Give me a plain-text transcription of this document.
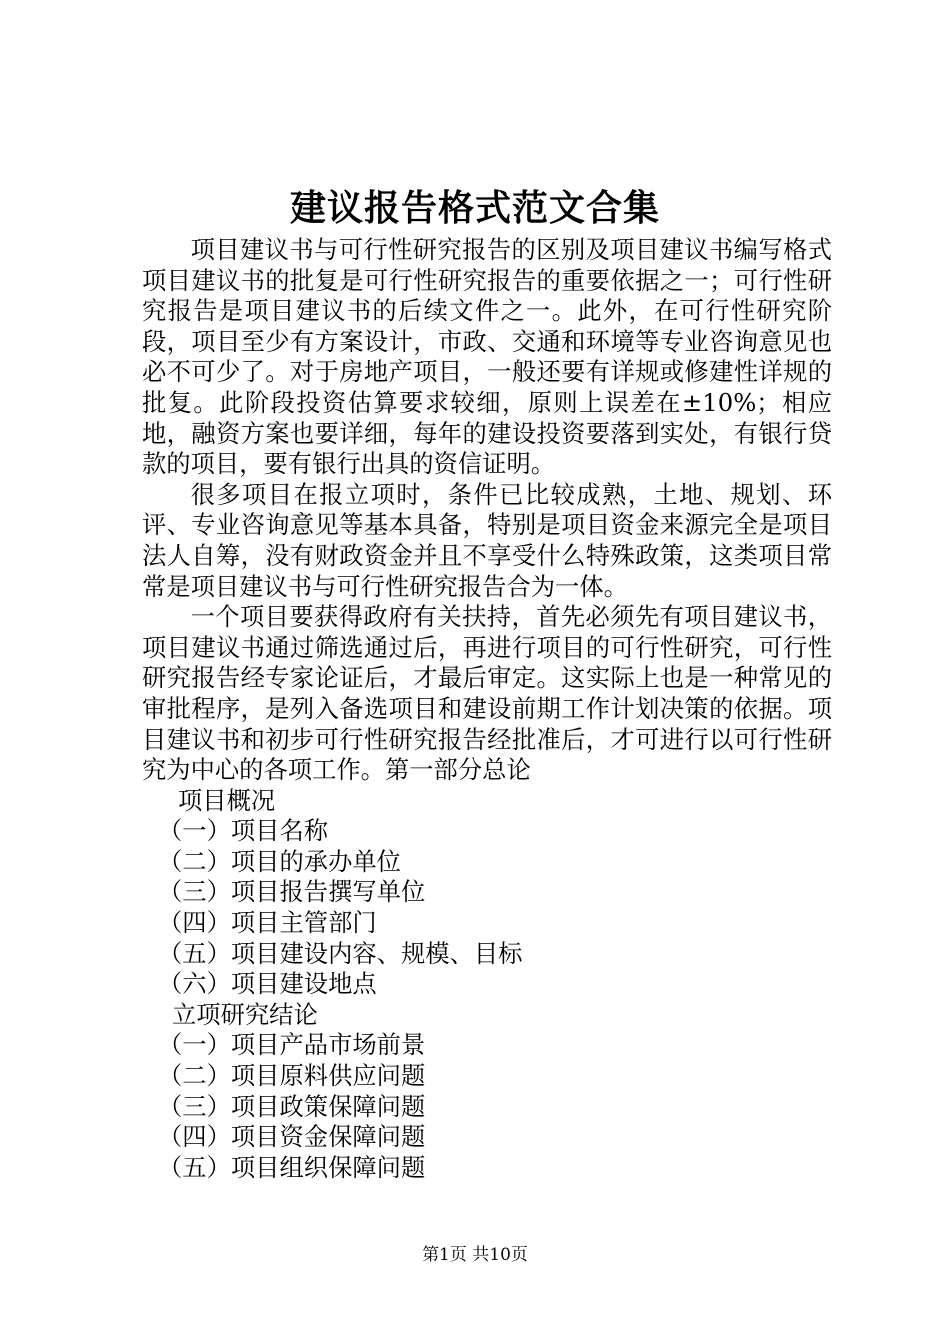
建议报告格式范文合集

项目建议书与可行性研究报告的区别及项目建议书编写格式项目建议书的批复是可行性研究报告的重要依据之一；可行性研究报告是项目建议书的后续文件之一。此外，在可行性研究阶段，项目至少有方案设计，市政、交通和环境等专业咨询意见也必不可少了。对于房地产项目，一般还要有详规或修建性详规的批复。此阶段投资估算要求较细，原则上误差在±10%；相应地，融资方案也要详细，每年的建设投资要落到实处，有银行贷款的项目，要有银行出具的资信证明。

很多项目在报立项时，条件已比较成熟，土地、规划、环评、专业咨询意见等基本具备，特别是项目资金来源完全是项目法人自筹，没有财政资金并且不享受什么特殊政策，这类项目常常是项目建议书与可行性研究报告合为一体。

一个项目要获得政府有关扶持，首先必须先有项目建议书，项目建议书通过筛选通过后，再进行项目的可行性研究，可行性研究报告经专家论证后，才最后审定。这实际上也是一种常见的审批程序，是列入备选项目和建设前期工作计划决策的依据。项目建议书和初步可行性研究报告经批准后，才可进行以可行性研究为中心的各项工作。第一部分总论

项目概况

（一）项目名称

（二）项目的承办单位

（三）项目报告撰写单位

（四）项目主管部门

（五）项目建设内容、规模、目标

（六）项目建设地点

立项研究结论

（一）项目产品市场前景

（二）项目原料供应问题

（三）项目政策保障问题

（四）项目资金保障问题

（五）项目组织保障问题

第1页 共10页
